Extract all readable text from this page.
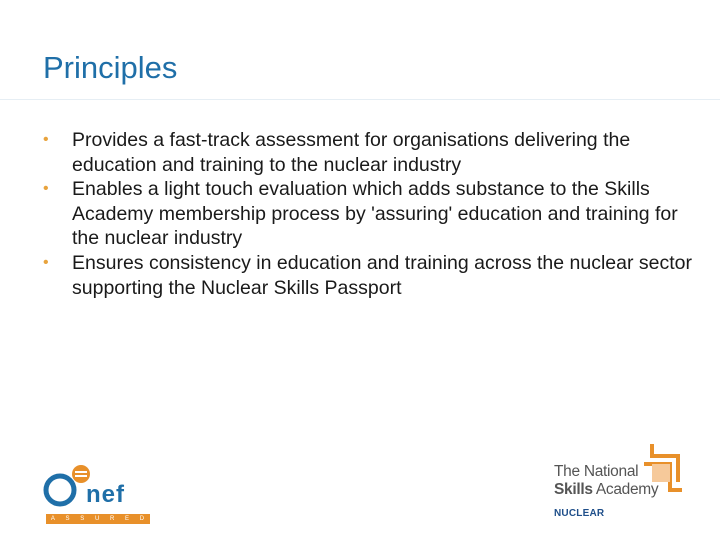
Principles
• Provides a fast-track assessment for organisations delivering the education and training to the nuclear industry
• Enables a light touch evaluation which adds substance to the Skills Academy membership process by 'assuring' education and training for the nuclear industry
• Ensures consistency in education and training across the nuclear sector supporting the Nuclear Skills Passport
nef
A S S U R E D
The National
Skills Academy
NUCLEAR
